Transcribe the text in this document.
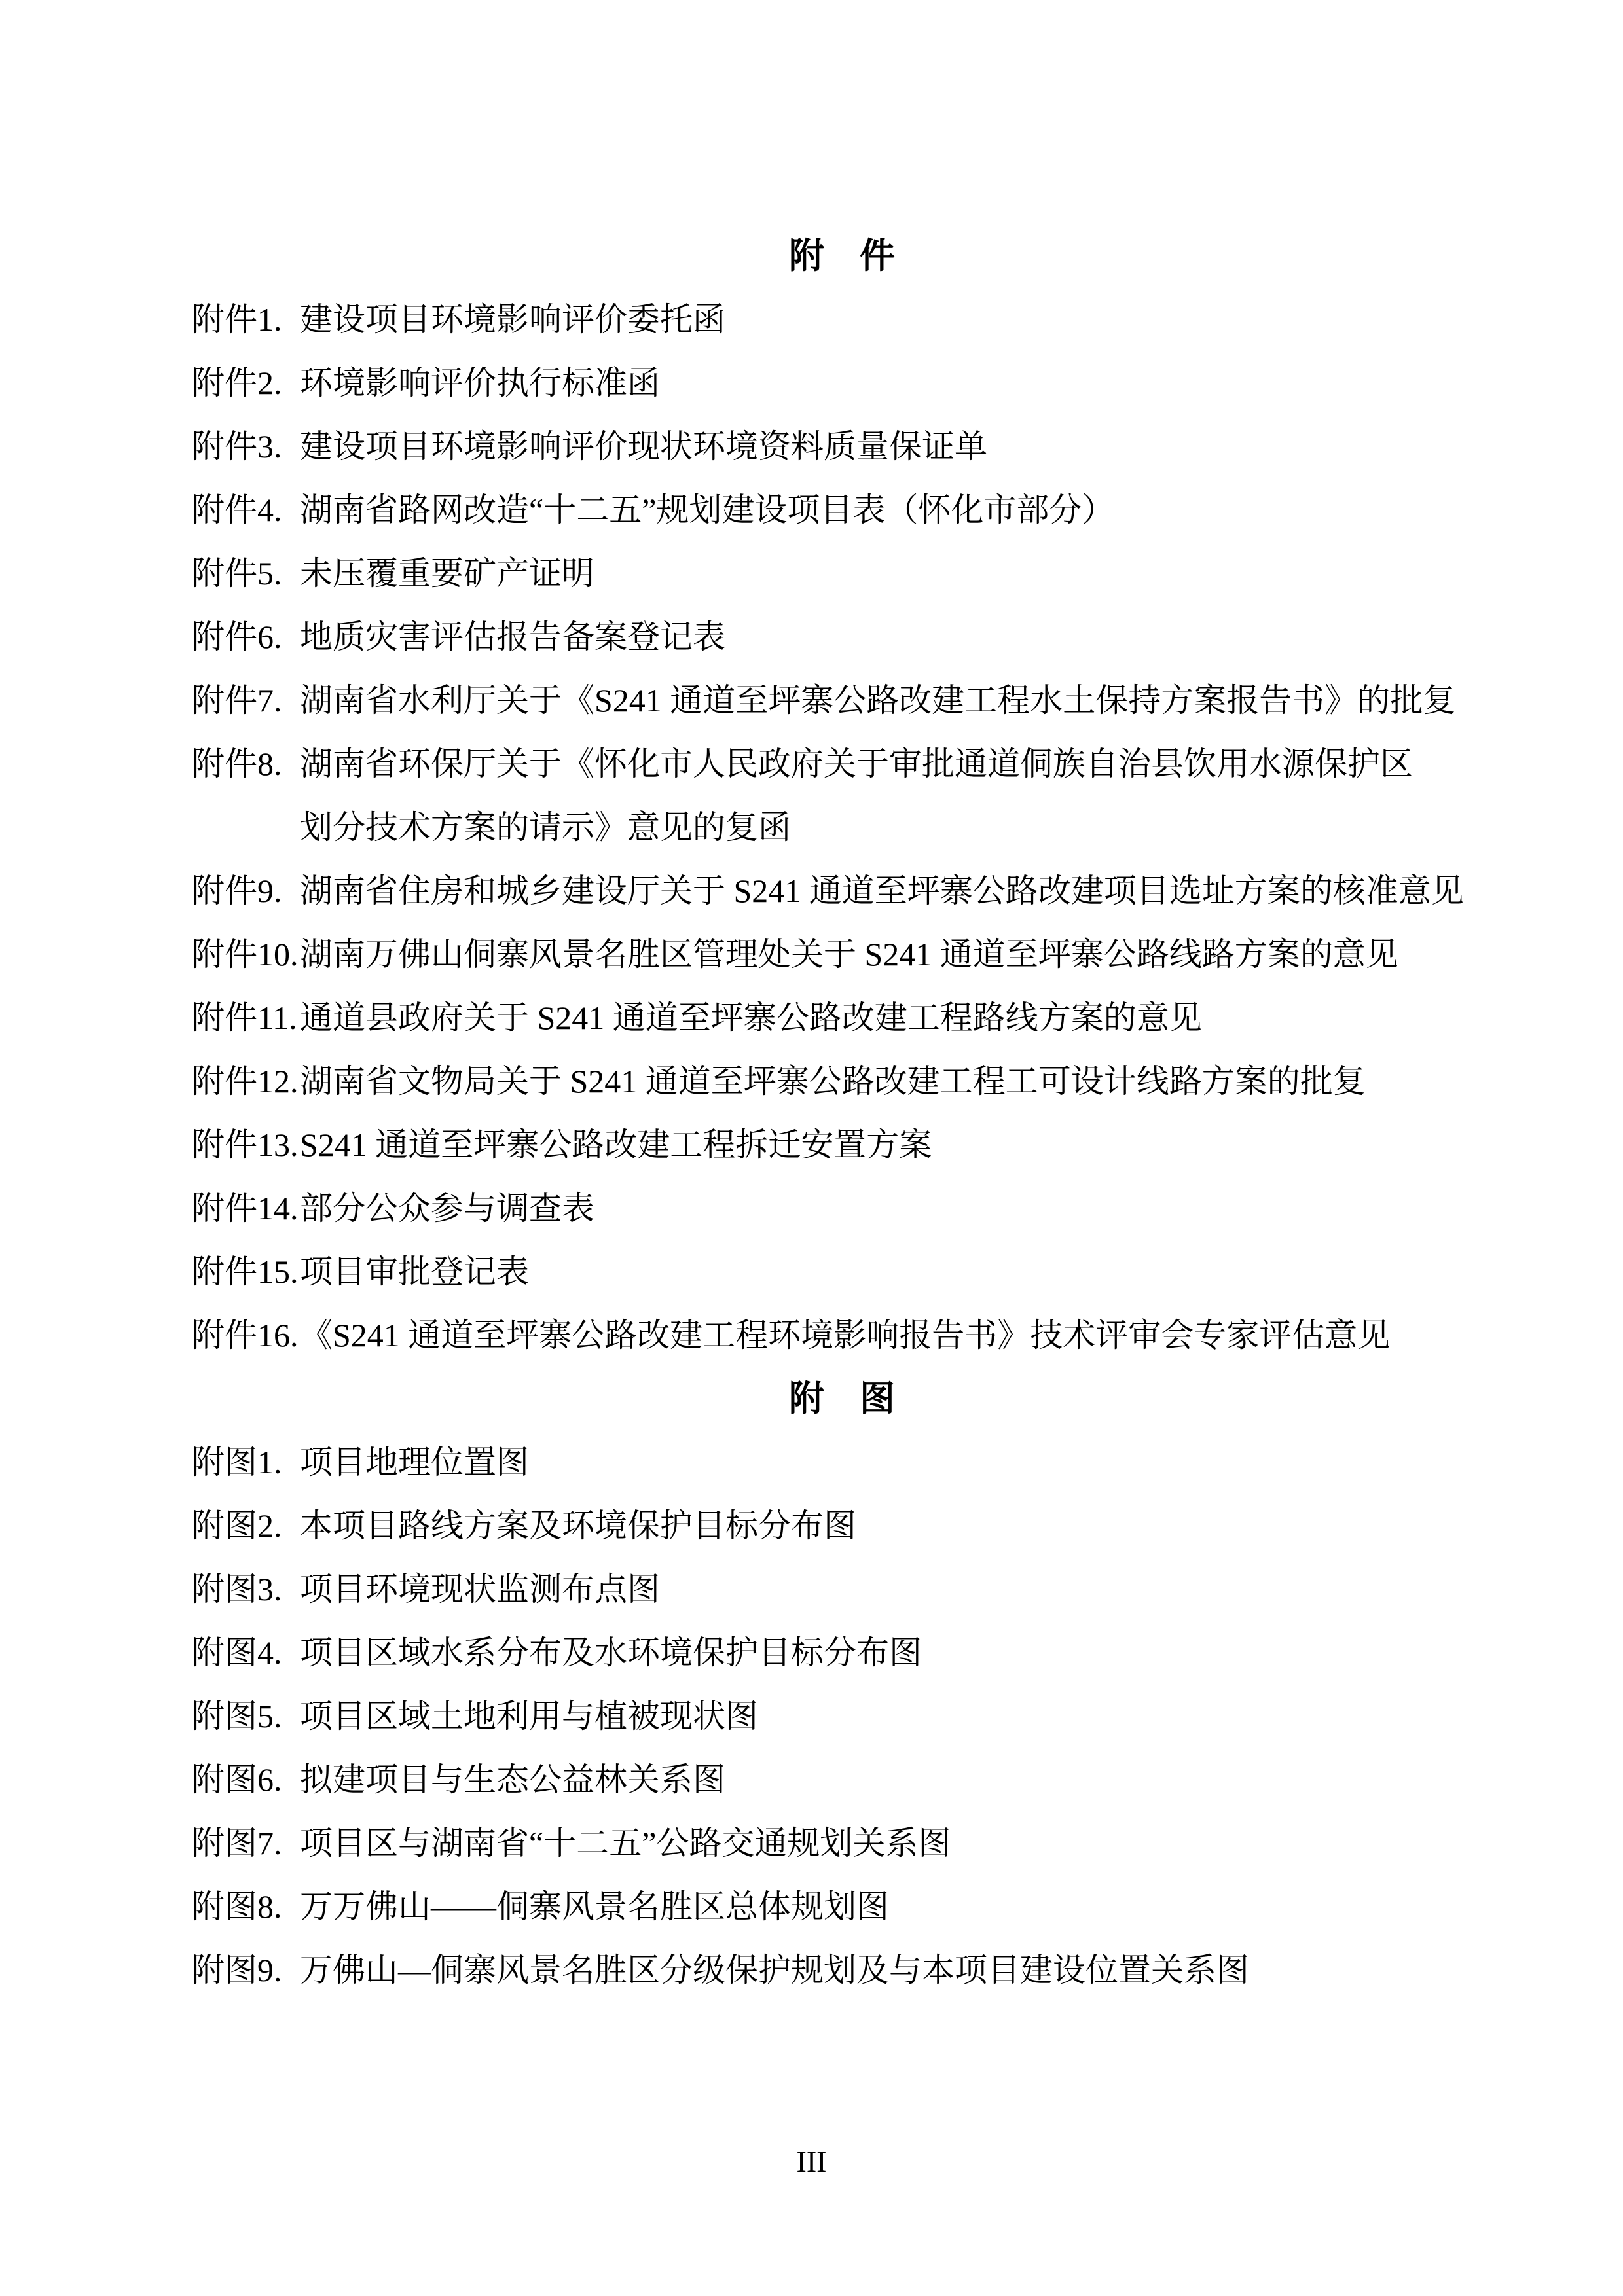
附　件
附件1. 建设项目环境影响评价委托函
附件2. 环境影响评价执行标准函
附件3. 建设项目环境影响评价现状环境资料质量保证单
附件4. 湖南省路网改造“十二五”规划建设项目表（怀化市部分）
附件5. 未压覆重要矿产证明
附件6. 地质灾害评估报告备案登记表
附件7. 湖南省水利厅关于《S241 通道至坪寨公路改建工程水土保持方案报告书》的批复
附件8. 湖南省环保厅关于《怀化市人民政府关于审批通道侗族自治县饮用水源保护区
划分技术方案的请示》意见的复函
附件9. 湖南省住房和城乡建设厅关于 S241 通道至坪寨公路改建项目选址方案的核准意见
附件10. 湖南万佛山侗寨风景名胜区管理处关于 S241 通道至坪寨公路线路方案的意见
附件11. 通道县政府关于 S241 通道至坪寨公路改建工程路线方案的意见
附件12. 湖南省文物局关于 S241 通道至坪寨公路改建工程工可设计线路方案的批复
附件13. S241 通道至坪寨公路改建工程拆迁安置方案
附件14. 部分公众参与调查表
附件15. 项目审批登记表
附件16. 《S241 通道至坪寨公路改建工程环境影响报告书》技术评审会专家评估意见
附　图
附图1. 项目地理位置图
附图2. 本项目路线方案及环境保护目标分布图
附图3. 项目环境现状监测布点图
附图4. 项目区域水系分布及水环境保护目标分布图
附图5. 项目区域土地利用与植被现状图
附图6. 拟建项目与生态公益林关系图
附图7. 项目区与湖南省“十二五”公路交通规划关系图
附图8. 万万佛山——侗寨风景名胜区总体规划图
附图9. 万佛山—侗寨风景名胜区分级保护规划及与本项目建设位置关系图
III
